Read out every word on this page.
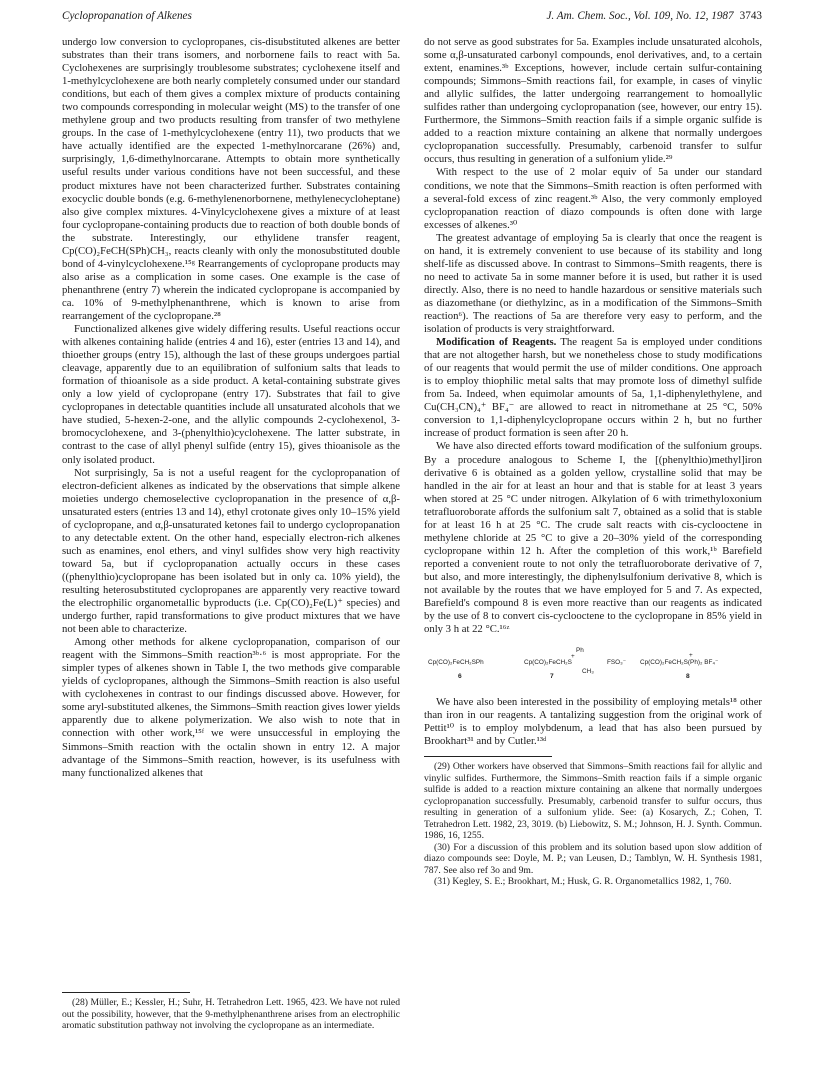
Cyclopropanation of Alkenes	J. Am. Chem. Soc., Vol. 109, No. 12, 1987 3743

undergo low conversion to cyclopropanes, cis-disubstituted alkenes are better substrates than their trans isomers, and norbornene fails to react with 5a. Cyclohexenes are surprisingly troublesome substrates; cyclohexene itself and 1-methylcyclohexene are both nearly completely consumed under our standard conditions, but each of them gives a complex mixture of products containing two compounds corresponding in molecular weight (MS) to the transfer of one methylene group and two products resulting from transfer of two methylene groups. In the case of 1-methylcyclohexene (entry 11), two products that we have actually identified are the expected 1-methylnorcarane (26%) and, surprisingly, 1,6-dimethylnorcarane. Attempts to obtain more synthetically useful results under various conditions have not been successful, and these product mixtures have not been characterized further. Substrates containing exocyclic double bonds (e.g. 6-methylenenorbornene, methylenecycloheptane) also give complex mixtures. 4-Vinylcyclohexene gives a mixture of at least four cyclopropane-containing products due to reaction of both double bonds of the substrate. Interestingly, our ethylidene transfer reagent, Cp(CO)₂FeCH(SPh)CH₃, reacts cleanly with only the monosubstituted double bond of 4-vinylcyclohexene.¹⁵ᵍ Rearrangements of cyclopropane products may also arise as a complication in some cases. One example is the case of phenanthrene (entry 7) wherein the indicated cyclopropane is accompanied by ca. 10% of 9-methylphenanthrene, which is known to arise from rearrangement of the cyclopropane.²⁸

Functionalized alkenes give widely differing results. Useful reactions occur with alkenes containing halide (entries 4 and 16), ester (entries 13 and 14), and thioether groups (entry 15), although the last of these groups undergoes partial cleavage, apparently due to an equilibration of sulfonium salts that leads to formation of thioanisole as a side product. A ketal-containing substrate gives only a low yield of cyclopropane (entry 17). Substrates that fail to give cyclopropanes in detectable quantities include all unsaturated alcohols that we have studied, 5-hexen-2-one, and the allylic compounds 2-cyclohexenol, 3-bromocyclohexene, and 3-(phenylthio)cyclohexene. The latter substrate, in contrast to the case of allyl phenyl sulfide (entry 15), gives thioanisole as the only isolated product.

Not surprisingly, 5a is not a useful reagent for the cyclopropanation of electron-deficient alkenes as indicated by the observations that simple alkene moieties undergo chemoselective cyclopropanation in the presence of α,β-unsaturated esters (entries 13 and 14), ethyl crotonate gives only 10–15% yield of cyclopropane, and α,β-unsaturated ketones fail to undergo cyclopropanation to any detectable extent. On the other hand, especially electron-rich alkenes such as enamines, enol ethers, and vinyl sulfides show very high reactivity toward 5a, but if cyclopropanation actually occurs in these cases ((phenylthio)cyclopropane has been isolated but in only ca. 10% yield), the resulting heterosubstituted cyclopropanes are apparently very reactive toward the electrophilic organometallic byproducts (i.e. Cp(CO)₂Fe(L)⁺ species) and undergo further, rapid transformations to give product mixtures that we have not been able to characterize.

Among other methods for alkene cyclopropanation, comparison of our reagent with the Simmons–Smith reaction³ᵇ·⁶ is most appropriate. For the simpler types of alkenes shown in Table I, the two methods give comparable yields of cyclopropanes, although the Simmons–Smith reaction is also useful with cyclohexenes in contrast to our findings discussed above. However, for some aryl-substituted alkenes, the Simmons–Smith reaction gives lower yields apparently due to alkene polymerization. We also wish to note that in connection with other work,¹⁵ᶠ we were unsuccessful in employing the Simmons–Smith reaction with the octalin shown in entry 12. A major advantage of the Simmons–Smith reaction, however, is its usefulness with many functionalized alkenes that

(28) Müller, E.; Kessler, H.; Suhr, H. Tetrahedron Lett. 1965, 423. We have not ruled out the possibility, however, that the 9-methylphenanthrene arises from an electrophilic aromatic substitution pathway not involving the cyclopropane as an intermediate.

do not serve as good substrates for 5a. Examples include unsaturated alcohols, some α,β-unsaturated carbonyl compounds, enol derivatives, and, to a certain extent, enamines.³ᵇ Exceptions, however, include certain sulfur-containing compounds; Simmons–Smith reactions fail, for example, in cases of vinylic and allylic sulfides, the latter undergoing rearrangement to homoallylic sulfides rather than undergoing cyclopropanation (see, however, our entry 15). Furthermore, the Simmons–Smith reaction fails if a simple organic sulfide is added to a reaction mixture containing an alkene that normally undergoes cyclopropanation successfully. Presumably, carbenoid transfer to sulfur occurs, thus resulting in generation of a sulfonium ylide.²⁹

With respect to the use of 2 molar equiv of 5a under our standard conditions, we note that the Simmons–Smith reaction is often performed with a several-fold excess of zinc reagent.³ᵇ Also, the very commonly employed cyclopropanation reaction of diazo compounds is often done with large excesses of alkenes.³⁰

The greatest advantage of employing 5a is clearly that once the reagent is on hand, it is extremely convenient to use because of its stability and long shelf-life as discussed above. In contrast to Simmons–Smith reagents, there is no need to activate 5a in some manner before it is used, but rather it is used directly. Also, there is no need to handle hazardous or sensitive materials such as diazomethane (or diethylzinc, as in a modification of the Simmons–Smith reaction⁶). The reactions of 5a are therefore very easy to perform, and the isolation of products is very straightforward.

Modification of Reagents. The reagent 5a is employed under conditions that are not altogether harsh, but we nonetheless chose to study modifications of our reagents that would permit the use of milder conditions. One approach is to employ thiophilic metal salts that may promote loss of dimethyl sulfide from 5a. Indeed, when equimolar amounts of 5a, 1,1-diphenylethylene, and Cu(CH₃CN)₄⁺ BF₄⁻ are allowed to react in nitromethane at 25 °C, 50% conversion to 1,1-diphenylcyclopropane occurs within 2 h, but no further increase of product formation is seen after 20 h.

We have also directed efforts toward modification of the sulfonium groups. By a procedure analogous to Scheme I, the [(phenylthio)methyl]iron derivative 6 is obtained as a golden yellow, crystalline solid that may be handled in the air for at least an hour and that is stable for at least 3 years when stored at 25 °C under nitrogen. Alkylation of 6 with trimethyloxonium tetrafluoroborate affords the sulfonium salt 7, obtained as a solid that is stable for at least 16 h at 25 °C. The crude salt reacts with cis-cyclooctene in methylene chloride at 25 °C to give a 20–30% yield of the corresponding cyclopropane within 12 h. After the completion of this work,¹ᵇ Barefield reported a convenient route to not only the tetrafluoroborate derivative of 7, but also, and more interestingly, the diphenylsulfonium derivative 8, which is not available by the routes that we have employed for 5 and 7. As expected, Barefield's compound 8 is even more reactive than our reagents as indicated by the use of 8 to convert cis-cyclooctene to the cyclopropane in 85% yield in only 3 h at 22 °C.¹⁶ᶻ

Cp(CO)₂FeCH₂SPh
6
Ph
+
Cp(CO)₂FeCH₂S
CH₃
FSO₃⁻
7
+
Cp(CO)₂FeCH₂S(Ph)₂ BF₄⁻
8

We have also been interested in the possibility of employing metals¹⁸ other than iron in our reagents. A tantalizing suggestion from the original work of Pettit¹⁰ is to employ molybdenum, a lead that has also been pursued by Brookhart³¹ and by Cutler.¹³ᵈ

(29) Other workers have observed that Simmons–Smith reactions fail for allylic and vinylic sulfides. Furthermore, the Simmons–Smith reaction fails if a simple organic sulfide is added to a reaction mixture containing an alkene that normally undergoes cyclopropanation successfully. Presumably, carbenoid transfer to sulfur occurs, thus resulting in generation of a sulfonium ylide. See: (a) Kosarych, Z.; Cohen, T. Tetrahedron Lett. 1982, 23, 3019. (b) Liebowitz, S. M.; Johnson, H. J. Synth. Commun. 1986, 16, 1255.

(30) For a discussion of this problem and its solution based upon slow addition of diazo compounds see: Doyle, M. P.; van Leusen, D.; Tamblyn, W. H. Synthesis 1981, 787. See also ref 3o and 9m.

(31) Kegley, S. E.; Brookhart, M.; Husk, G. R. Organometallics 1982, 1, 760.
